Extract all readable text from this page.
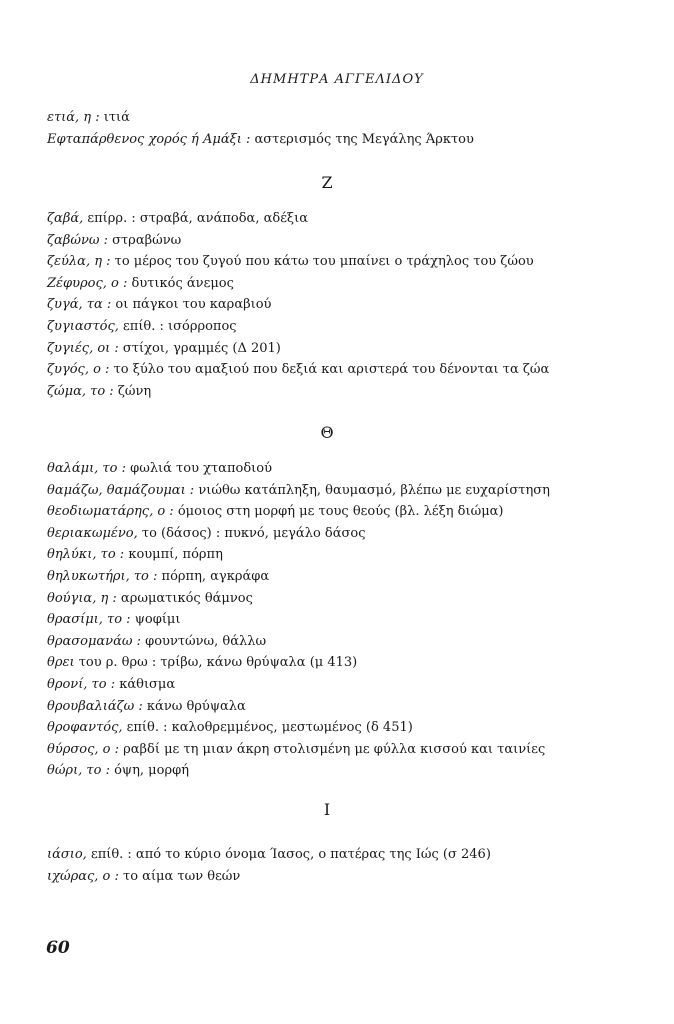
ΔΗΜΗΤΡΑ ΑΓΓΕΛΙΔΟΥ
ετιά, η : ιτιά
Εφταπάρθενος χορός ή Αμάξι : αστερισμός της Μεγάλης Άρκτου
Ζ
ζαβά, επίρρ. : στραβά, ανάποδα, αδέξια
ζαβώνω : στραβώνω
ζεύλα, η : το μέρος του ζυγού που κάτω του μπαίνει ο τράχηλος του ζώου
Ζέφυρος, ο : δυτικός άνεμος
ζυγά, τα : οι πάγκοι του καραβιού
ζυγιαστός, επίθ. : ισόρροπος
ζυγιές, οι : στίχοι, γραμμές (Δ 201)
ζυγός, ο : το ξύλο του αμαξιού που δεξιά και αριστερά του δένονται τα ζώα
ζώμα, το : ζώνη
Θ
θαλάμι, το : φωλιά του χταποδιού
θαμάζω, θαμάζουμαι : νιώθω κατάπληξη, θαυμασμό, βλέπω με ευχαρίστηση
θεοδιωματάρης, ο : όμοιος στη μορφή με τους θεούς (βλ. λέξη διώμα)
θεριακωμένο, το (δάσος) : πυκνό, μεγάλο δάσος
θηλύκι, το : κουμπί, πόρπη
θηλυκωτήρι, το : πόρπη, αγκράφα
θούγια, η : αρωματικός θάμνος
θρασίμι, το : ψοφίμι
θρασομανάω : φουντώνω, θάλλω
θρει του ρ. θρω : τρίβω, κάνω θρύψαλα (μ 413)
θρονί, το : κάθισμα
θρουβαλιάζω : κάνω θρύψαλα
θροφαντός, επίθ. : καλοθρεμμένος, μεστωμένος (δ 451)
θύρσος, ο : ραβδί με τη μιαν άκρη στολισμένη με φύλλα κισσού και ταινίες
θώρι, το : όψη, μορφή
Ι
ιάσιο, επίθ. : από το κύριο όνομα Ίασος, ο πατέρας της Ιώς (σ 246)
ιχώρας, ο : το αίμα των θεών
60
